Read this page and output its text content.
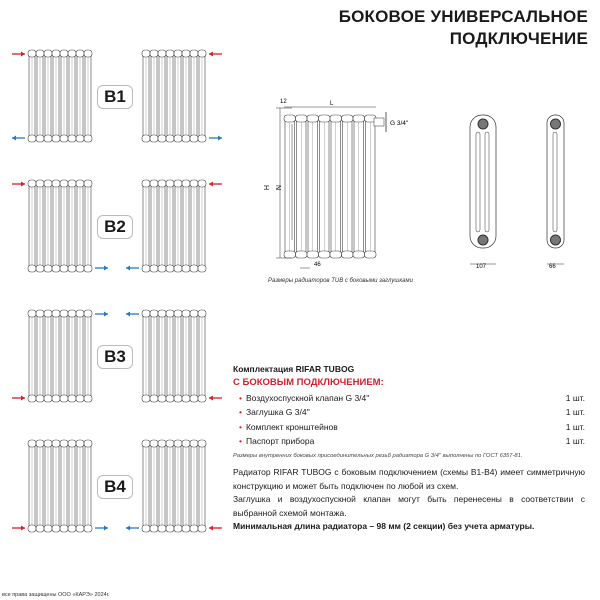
БОКОВОЕ УНИВЕРСАЛЬНОЕ
ПОДКЛЮЧЕНИЕ
B1
B2
B3
B4
H N
12	L
G 3/4''
46	107	66
Размеры радиаторов TUB с боковыми заглушками
Комплектация RIFAR TUBOG
С БОКОВЫМ ПОДКЛЮЧЕНИЕМ:
• Воздухоспускной клапан G 3/4''	1 шт.
• Заглушка G 3/4''	1 шт.
• Комплект кронштейнов	1 шт.
• Паспорт прибора	1 шт.
Размеры внутренних боковых присоединительных резьб радиатора G 3/4'' выполнены по ГОСТ 6357-81.
Радиатор RIFAR TUBOG с боковым подключением (схемы В1-В4) имеет симметричную конструкцию и может быть подключен по любой из схем.
Заглушка и воздухоспускной клапан могут быть перенесены в соответствии с выбранной схемой монтажа.
Минимальная длина радиатора – 98 мм (2 секции) без учета арматуры.
все права защищены ООО «КАРЭ» 2024г.
